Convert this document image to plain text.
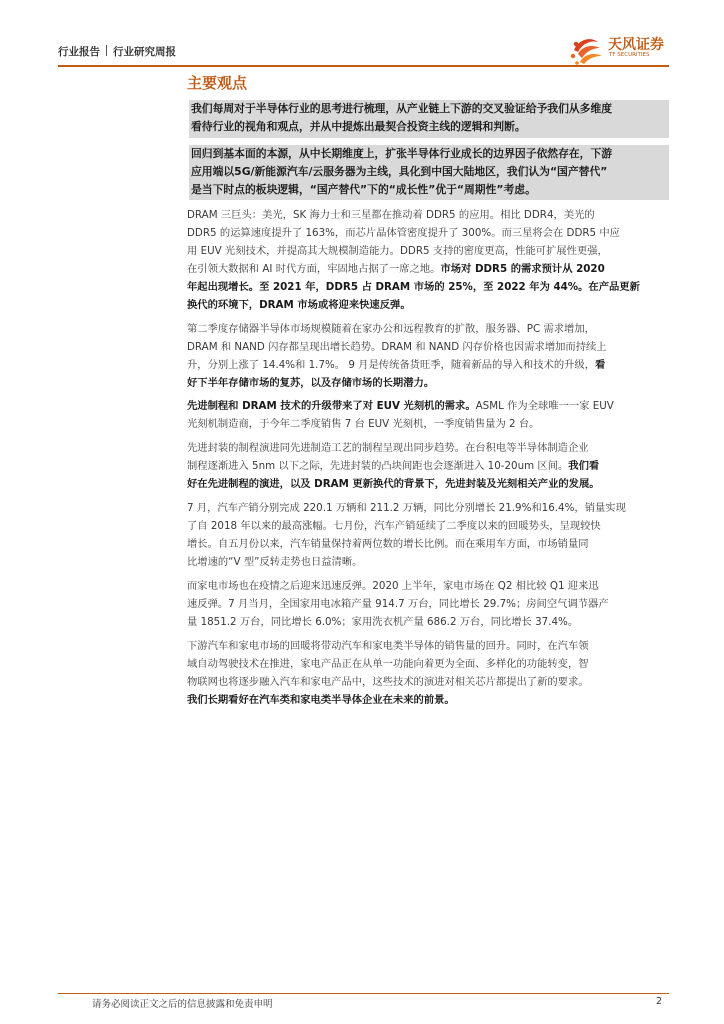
行业报告 行业研究周报	天风证券
TF SECURITIES
主要观点
我们每周对于半导体行业的思考进行梳理，从产业链上下游的交叉验证给予我们从多维度
看待行业的视角和观点，并从中提炼出最契合投资主线的逻辑和判断。
回归到基本面的本源，从中长期维度上，扩张半导体行业成长的边界因子依然存在，下游
应用端以5G/新能源汽车/云服务器为主线，具化到中国大陆地区，我们认为“国产替代”
是当下时点的板块逻辑，“国产替代”下的“成长性”优于“周期性”考虑。
DRAM 三巨头：美光，SK 海力士和三星都在推动着 DDR5 的应用。相比 DDR4，美光的
DDR5 的运算速度提升了 163%，而芯片晶体管密度提升了 300%。而三星将会在 DDR5 中应
用 EUV 光刻技术，并提高其大规模制造能力。DDR5 支持的密度更高，性能可扩展性更强，
在引领大数据和 AI 时代方面，牢固地占据了一席之地。市场对 DDR5 的需求预计从 2020
年起出现增长。至 2021 年，DDR5 占 DRAM 市场的 25%，至 2022 年为 44%。在产品更新
换代的环境下，DRAM 市场或将迎来快速反弹。
第二季度存储器半导体市场规模随着在家办公和远程教育的扩散，服务器、PC 需求增加，
DRAM 和 NAND 闪存都呈现出增长趋势。DRAM 和 NAND 闪存价格也因需求增加而持续上
升，分别上涨了 14.4%和 1.7%。 9 月是传统备货旺季，随着新品的导入和技术的升级，看
好下半年存储市场的复苏，以及存储市场的长期潜力。
先进制程和 DRAM 技术的升级带来了对 EUV 光刻机的需求。ASML 作为全球唯一一家 EUV
光刻机制造商，于今年二季度销售 7 台 EUV 光刻机，一季度销售量为 2 台。
先进封装的制程演进同先进制造工艺的制程呈现出同步趋势。在台积电等半导体制造企业
制程逐渐进入 5nm 以下之际，先进封装的凸块间距也会逐渐进入 10-20um 区间。我们看
好在先进制程的演进，以及 DRAM 更新换代的背景下，先进封装及光刻相关产业的发展。
7 月，汽车产销分别完成 220.1 万辆和 211.2 万辆，同比分别增长 21.9%和16.4%，销量实现
了自 2018 年以来的最高涨幅。七月份，汽车产销延续了二季度以来的回暖势头，呈现较快
增长。自五月份以来，汽车销量保持着两位数的增长比例。而在乘用车方面，市场销量同
比增速的“V 型”反转走势也日益清晰。
而家电市场也在疫情之后迎来迅速反弹。2020 上半年，家电市场在 Q2 相比较 Q1 迎来迅
速反弹。7 月当月，全国家用电冰箱产量 914.7 万台，同比增长 29.7%；房间空气调节器产
量 1851.2 万台，同比增长 6.0%；家用洗衣机产量 686.2 万台，同比增长 37.4%。
下游汽车和家电市场的回暖将带动汽车和家电类半导体的销售量的回升。同时，在汽车领
域自动驾驶技术在推进，家电产品正在从单一功能向着更为全面、多样化的功能转变，智
物联网也将逐步融入汽车和家电产品中，这些技术的演进对相关芯片都提出了新的要求。
我们长期看好在汽车类和家电类半导体企业在未来的前景。
请务必阅读正文之后的信息披露和免责申明	2
